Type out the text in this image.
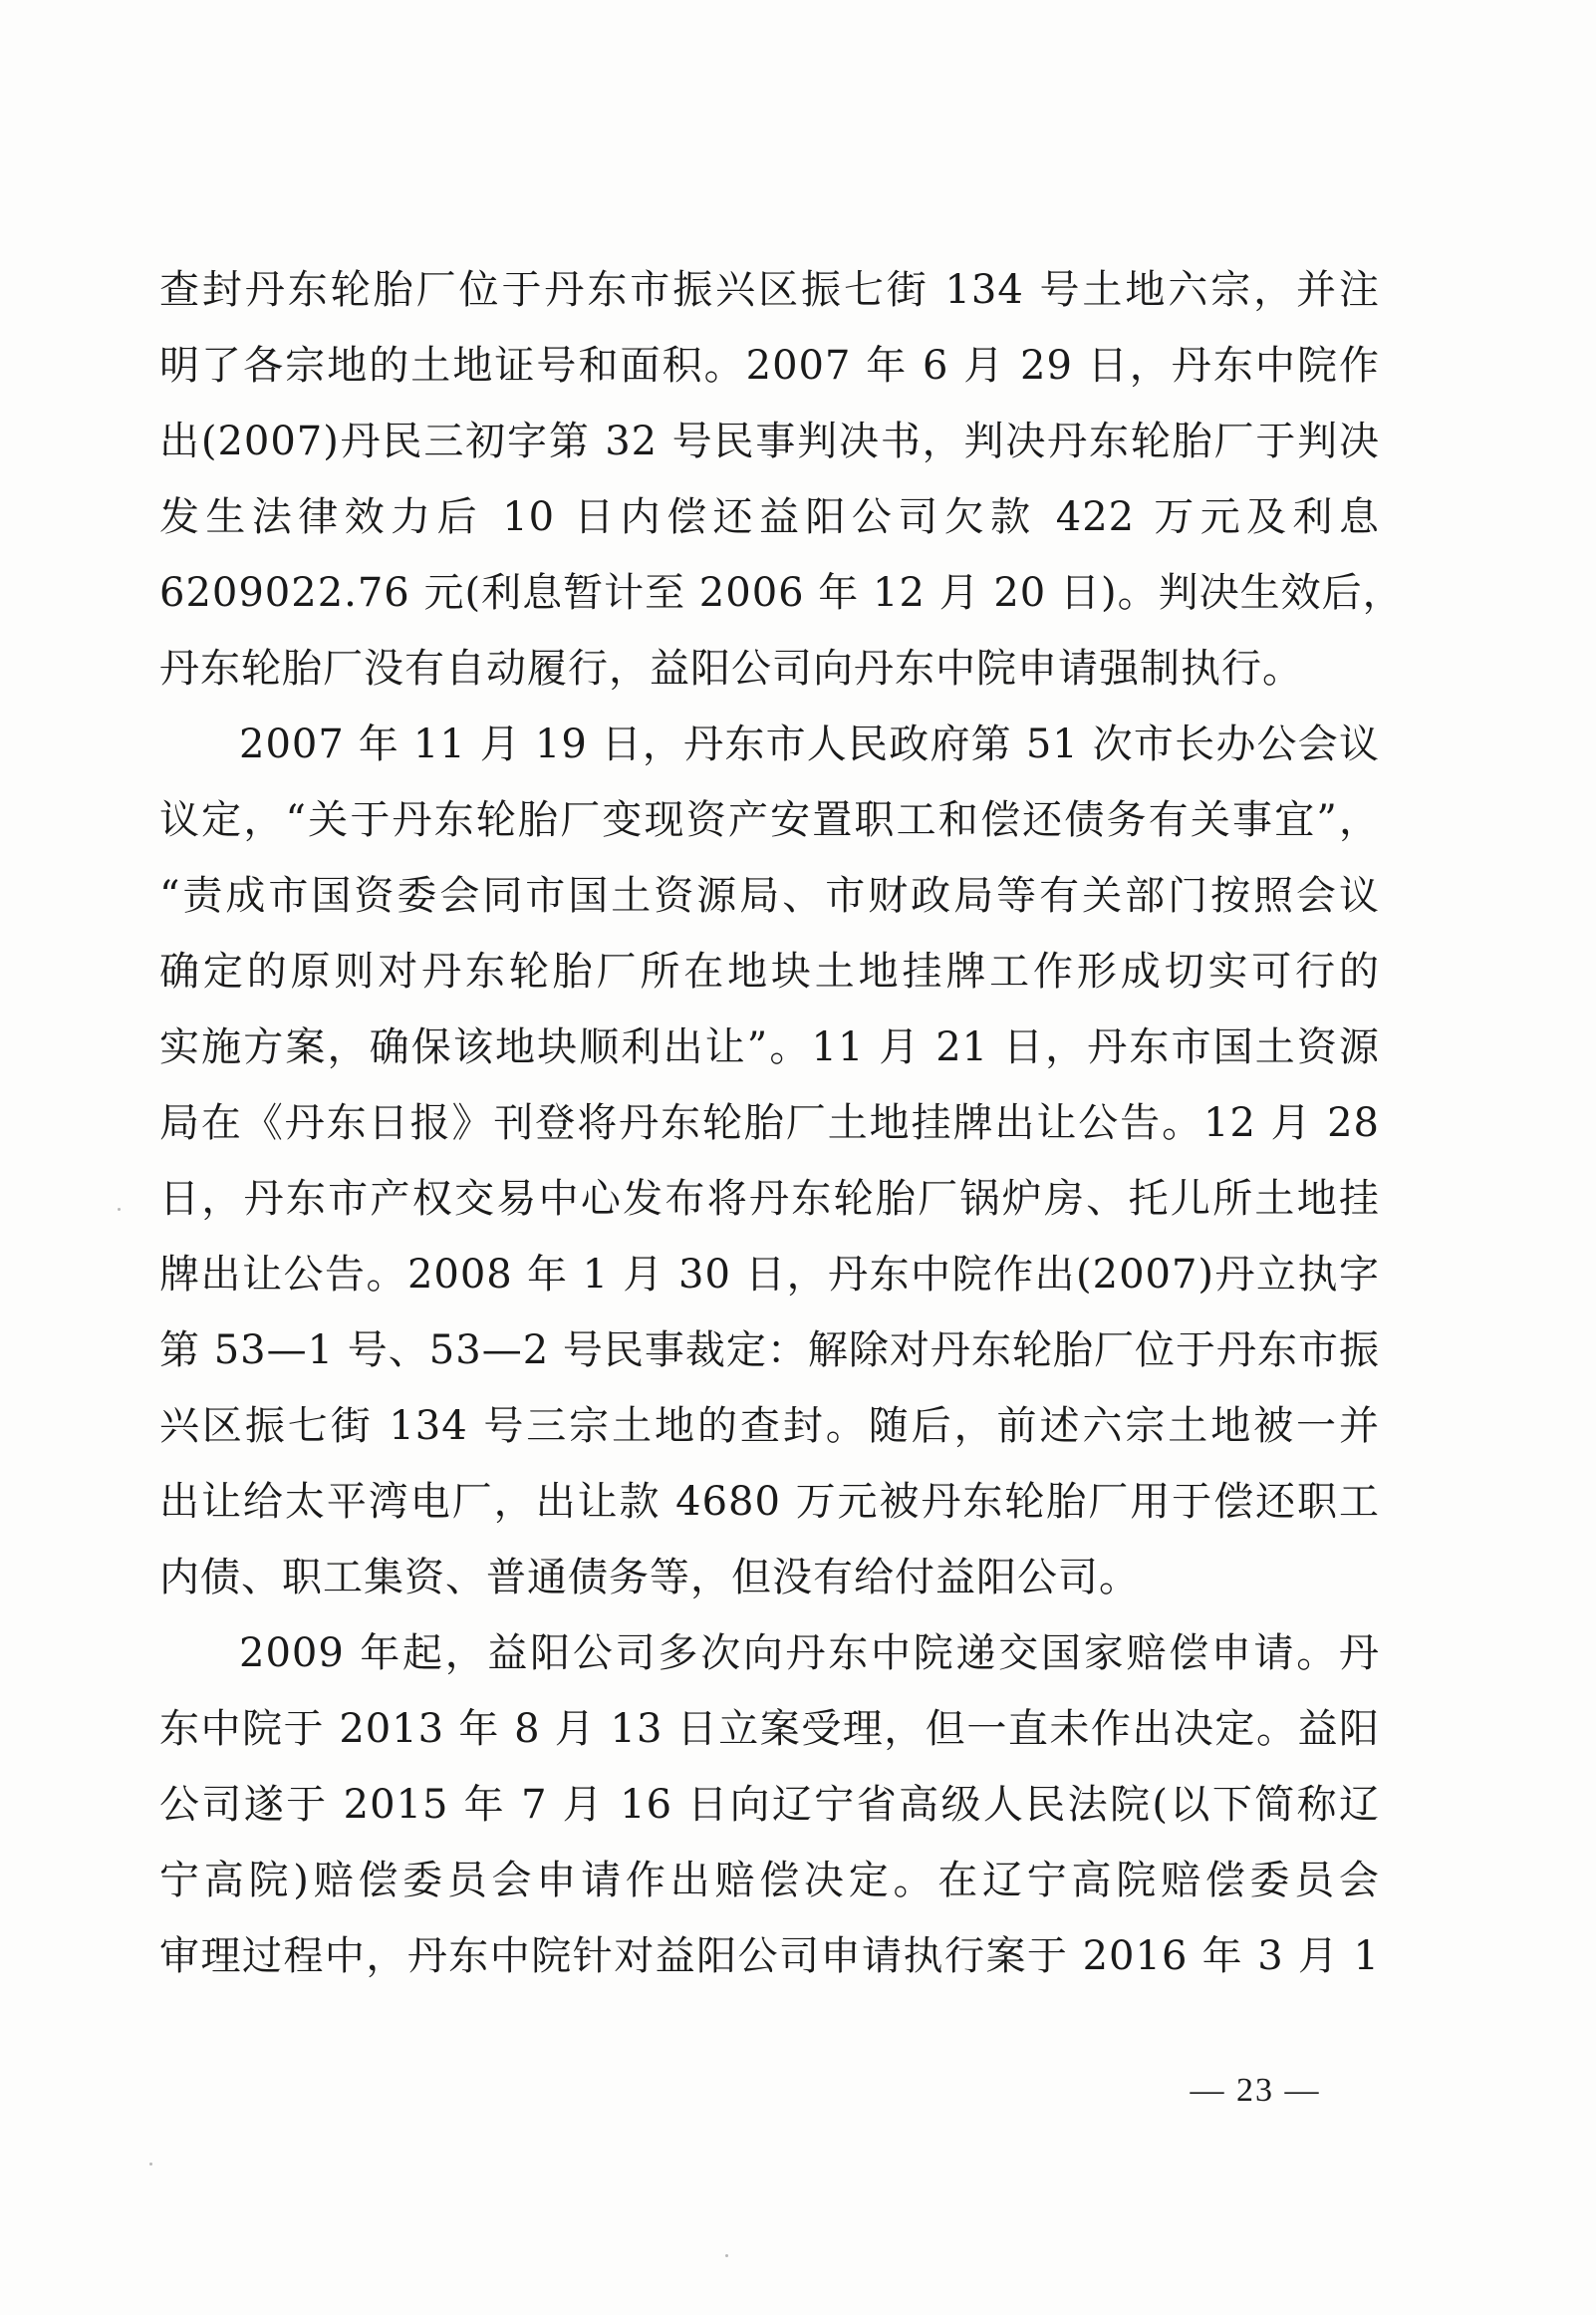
查封丹东轮胎厂位于丹东市振兴区振七街 134 号土地六宗，并注
明了各宗地的土地证号和面积。2007 年 6 月 29 日，丹东中院作
出(2007)丹民三初字第 32 号民事判决书，判决丹东轮胎厂于判决
发生法律效力后 10 日内偿还益阳公司欠款 422 万元及利息
6209022.76 元(利息暂计至 2006 年 12 月 20 日)。判决生效后，
丹东轮胎厂没有自动履行，益阳公司向丹东中院申请强制执行。
2007 年 11 月 19 日，丹东市人民政府第 51 次市长办公会议
议定，“关于丹东轮胎厂变现资产安置职工和偿还债务有关事宜”，
“责成市国资委会同市国土资源局、市财政局等有关部门按照会议
确定的原则对丹东轮胎厂所在地块土地挂牌工作形成切实可行的
实施方案，确保该地块顺利出让”。11 月 21 日，丹东市国土资源
局在《丹东日报》刊登将丹东轮胎厂土地挂牌出让公告。12 月 28
日，丹东市产权交易中心发布将丹东轮胎厂锅炉房、托儿所土地挂
牌出让公告。2008 年 1 月 30 日，丹东中院作出(2007)丹立执字
第 53—1 号、53—2 号民事裁定：解除对丹东轮胎厂位于丹东市振
兴区振七街 134 号三宗土地的查封。随后，前述六宗土地被一并
出让给太平湾电厂，出让款 4680 万元被丹东轮胎厂用于偿还职工
内债、职工集资、普通债务等，但没有给付益阳公司。
2009 年起，益阳公司多次向丹东中院递交国家赔偿申请。丹
东中院于 2013 年 8 月 13 日立案受理，但一直未作出决定。益阳
公司遂于 2015 年 7 月 16 日向辽宁省高级人民法院(以下简称辽
宁高院)赔偿委员会申请作出赔偿决定。在辽宁高院赔偿委员会
审理过程中，丹东中院针对益阳公司申请执行案于 2016 年 3 月 1
— 23 —
